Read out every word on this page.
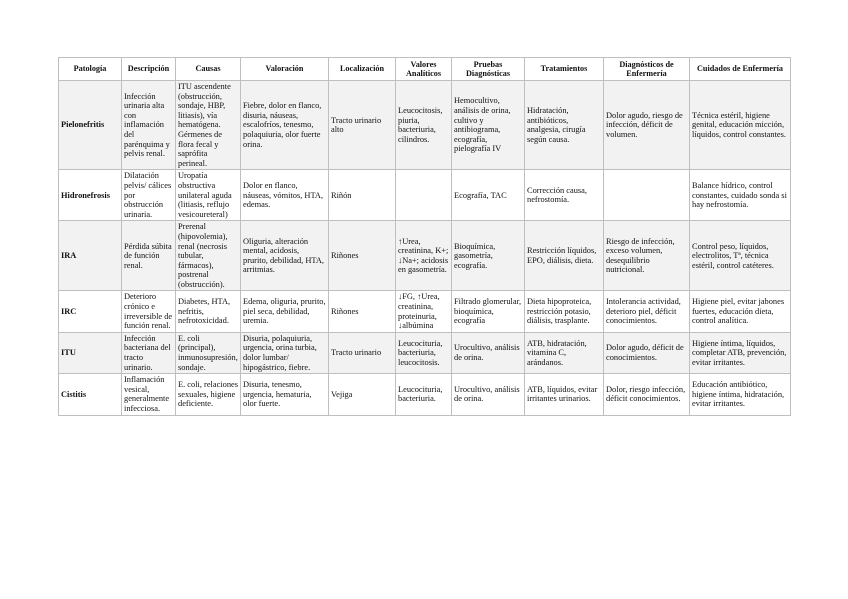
Patología	Descripción	Causas	Valoración	Localización	Valores Analíticos	Pruebas Diagnósticas	Tratamientos	Diagnósticos de Enfermería	Cuidados de Enfermería
Pielonefritis	Infección urinaria alta con inflamación del parénquima y pelvis renal.	ITU ascendente (obstrucción, sondaje, HBP, litiasis), vía hematógena. Gérmenes de flora fecal y saprófita perineal.	Fiebre, dolor en flanco, disuria, náuseas, escalofríos, tenesmo, polaquiuria, olor fuerte orina.	Tracto urinario alto	Leucocitosis, piuria, bacteriuria, cilindros.	Hemocultivo, análisis de orina, cultivo y antibiograma, ecografía, pielografía IV	Hidratación, antibióticos, analgesia, cirugía según causa.	Dolor agudo, riesgo de infección, déficit de volumen.	Técnica estéril, higiene genital, educación micción, líquidos, control constantes.
Hidronefrosis	Dilatación pelvis/ cálices por obstrucción urinaria.	Uropatía obstructiva unilateral aguda (litiasis, reflujo vesicoureteral)	Dolor en flanco, náuseas, vómitos, HTA, edemas.	Riñón		Ecografía, TAC	Corrección causa, nefrostomía.		Balance hídrico, control constantes, cuidado sonda si hay nefrostomía.
IRA	Pérdida súbita de función renal.	Prerenal (hipovolemia), renal (necrosis tubular, fármacos), postrenal (obstrucción).	Oliguria, alteración mental, acidosis, prurito, debilidad, HTA, arritmias.	Riñones	↑Urea, creatinina, K+; ↓Na+; acidosis en gasometría.	Bioquímica, gasometría, ecografía.	Restricción líquidos, EPO, diálisis, dieta.	Riesgo de infección, exceso volumen, desequilibrio nutricional.	Control peso, líquidos, electrolitos, Tª, técnica estéril, control catéteres.
IRC	Deterioro crónico e irreversible de función renal.	Diabetes, HTA, nefritis, nefrotoxicidad.	Edema, oliguria, prurito, piel seca, debilidad, uremia.	Riñones	↓FG, ↑Urea, creatinina, proteinuria, ↓albúmina	Filtrado glomerular, bioquímica, ecografía	Dieta hipoproteica, restricción potasio, diálisis, trasplante.	Intolerancia actividad, deterioro piel, déficit conocimientos.	Higiene piel, evitar jabones fuertes, educación dieta, control analítica.
ITU	Infección bacteriana del tracto urinario.	E. coli (principal), inmunosupresión, sondaje.	Disuria, polaquiuria, urgencia, orina turbia, dolor lumbar/ hipogástrico, fiebre.	Tracto urinario	Leucocituria, bacteriuria, leucocitosis.	Urocultivo, análisis de orina.	ATB, hidratación, vitamina C, arándanos.	Dolor agudo, déficit de conocimientos.	Higiene íntima, líquidos, completar ATB, prevención, evitar irritantes.
Cistitis	Inflamación vesical, generalmente infecciosa.	E. coli, relaciones sexuales, higiene deficiente.	Disuria, tenesmo, urgencia, hematuria, olor fuerte.	Vejiga	Leucocituria, bacteriuria.	Urocultivo, análisis de orina.	ATB, líquidos, evitar irritantes urinarios.	Dolor, riesgo infección, déficit conocimientos.	Educación antibiótico, higiene íntima, hidratación, evitar irritantes.
